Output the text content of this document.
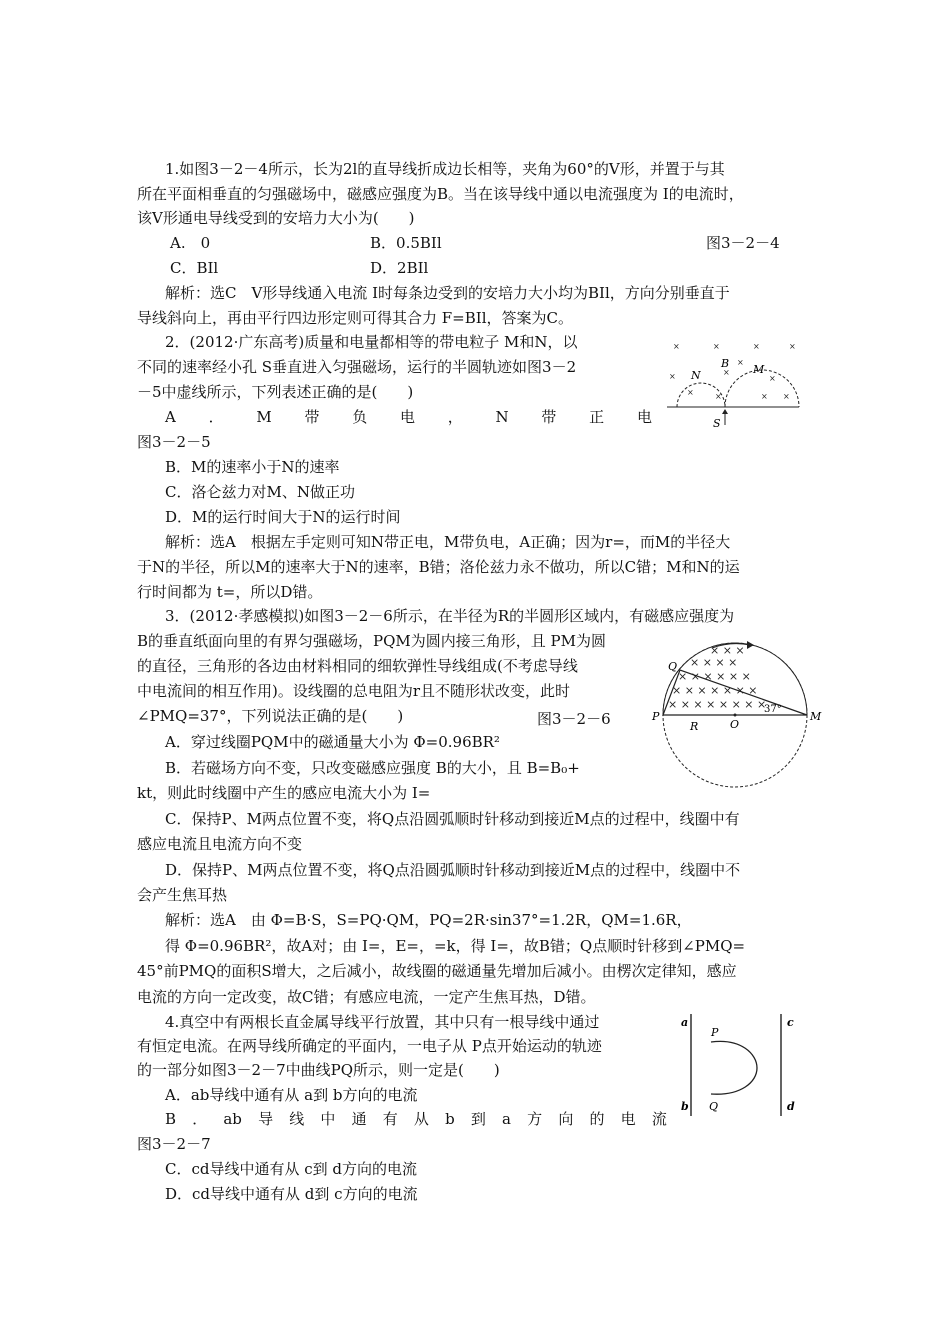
1.如图3－2－4所示，长为2l的直导线折成边长相等，夹角为60°的V形，并置于与其
所在平面相垂直的匀强磁场中，磁感应强度为B。当在该导线中通以电流强度为 I的电流时，
该V形通电导线受到的安培力大小为(　　)
A.　0	B．0.5BIl	图3－2－4
C．BIl	D．2BIl
解析：选C　V形导线通入电流 I时每条边受到的安培力大小均为BIl，方向分别垂直于
导线斜向上，再由平行四边形定则可得其合力 F=BIl，答案为C。
2．(2012·广东高考)质量和电量都相等的带电粒子 M和N，以
不同的速率经小孔 S垂直进入匀强磁场，运行的半圆轨迹如图3－2
－5中虚线所示，下列表述正确的是(　　)
A ． M 带 负 电 ， N 带 正 电
图3－2－5
B．M的速率小于N的速率
C．洛仑兹力对M、N做正功
D．M的运行时间大于N的运行时间
解析：选A　根据左手定则可知N带正电，M带负电，A正确；因为r=，而M的半径大
于N的半径，所以M的速率大于N的速率，B错；洛伦兹力永不做功，所以C错；M和N的运
行时间都为 t=，所以D错。
×	×	×	×
×	×
×
×
×	×	× ×
N
B M
S
3．(2012·孝感模拟)如图3－2－6所示，在半径为R的半圆形区域内，有磁感应强度为
B的垂直纸面向里的有界匀强磁场，PQM为圆内接三角形，且 PM为圆
的直径，三角形的各边由材料相同的细软弹性导线组成(不考虑导线
中电流间的相互作用)。设线圈的总电阻为r且不随形状改变，此时
∠PMQ=37°，下列说法正确的是(　　)	图3－2－6
A．穿过线圈PQM中的磁通量大小为 Φ=0.96BR²
B．若磁场方向不变，只改变磁感应强度 B的大小，且 B=B₀+
kt，则此时线圈中产生的感应电流大小为 I=
C．保持P、M两点位置不变，将Q点沿圆弧顺时针移动到接近M点的过程中，线圈中有
感应电流且电流方向不变
D．保持P、M两点位置不变，将Q点沿圆弧顺时针移动到接近M点的过程中，线圈中不
会产生焦耳热
解析：选A　由 Φ=B·S，S=PQ·QM，PQ=2R·sin37°=1.2R，QM=1.6R，
得 Φ=0.96BR²，故A对；由 I=，E=，=k，得 I=，故B错；Q点顺时针移到∠PMQ=
45°前PMQ的面积S增大，之后减小，故线圈的磁通量先增加后减小。由楞次定律知，感应
电流的方向一定改变，故C错；有感应电流，一定产生焦耳热，D错。
× × × ×
× × ×
× × × × × ×
× × × × × × ×
× × × × × × × ×
Q
P
R	O
M
37°
4.真空中有两根长直金属导线平行放置，其中只有一根导线中通过
有恒定电流。在两导线所确定的平面内，一电子从 P点开始运动的轨迹
的一部分如图3－2－7中曲线PQ所示，则一定是(　　)
A．ab导线中通有从 a到 b方向的电流
B ． ab 导 线 中 通 有 从 b 到 a 方 向 的 电 流
图3－2－7
C．cd导线中通有从 c到 d方向的电流
D．cd导线中通有从 d到 c方向的电流
a
b
c
d
P
Q
